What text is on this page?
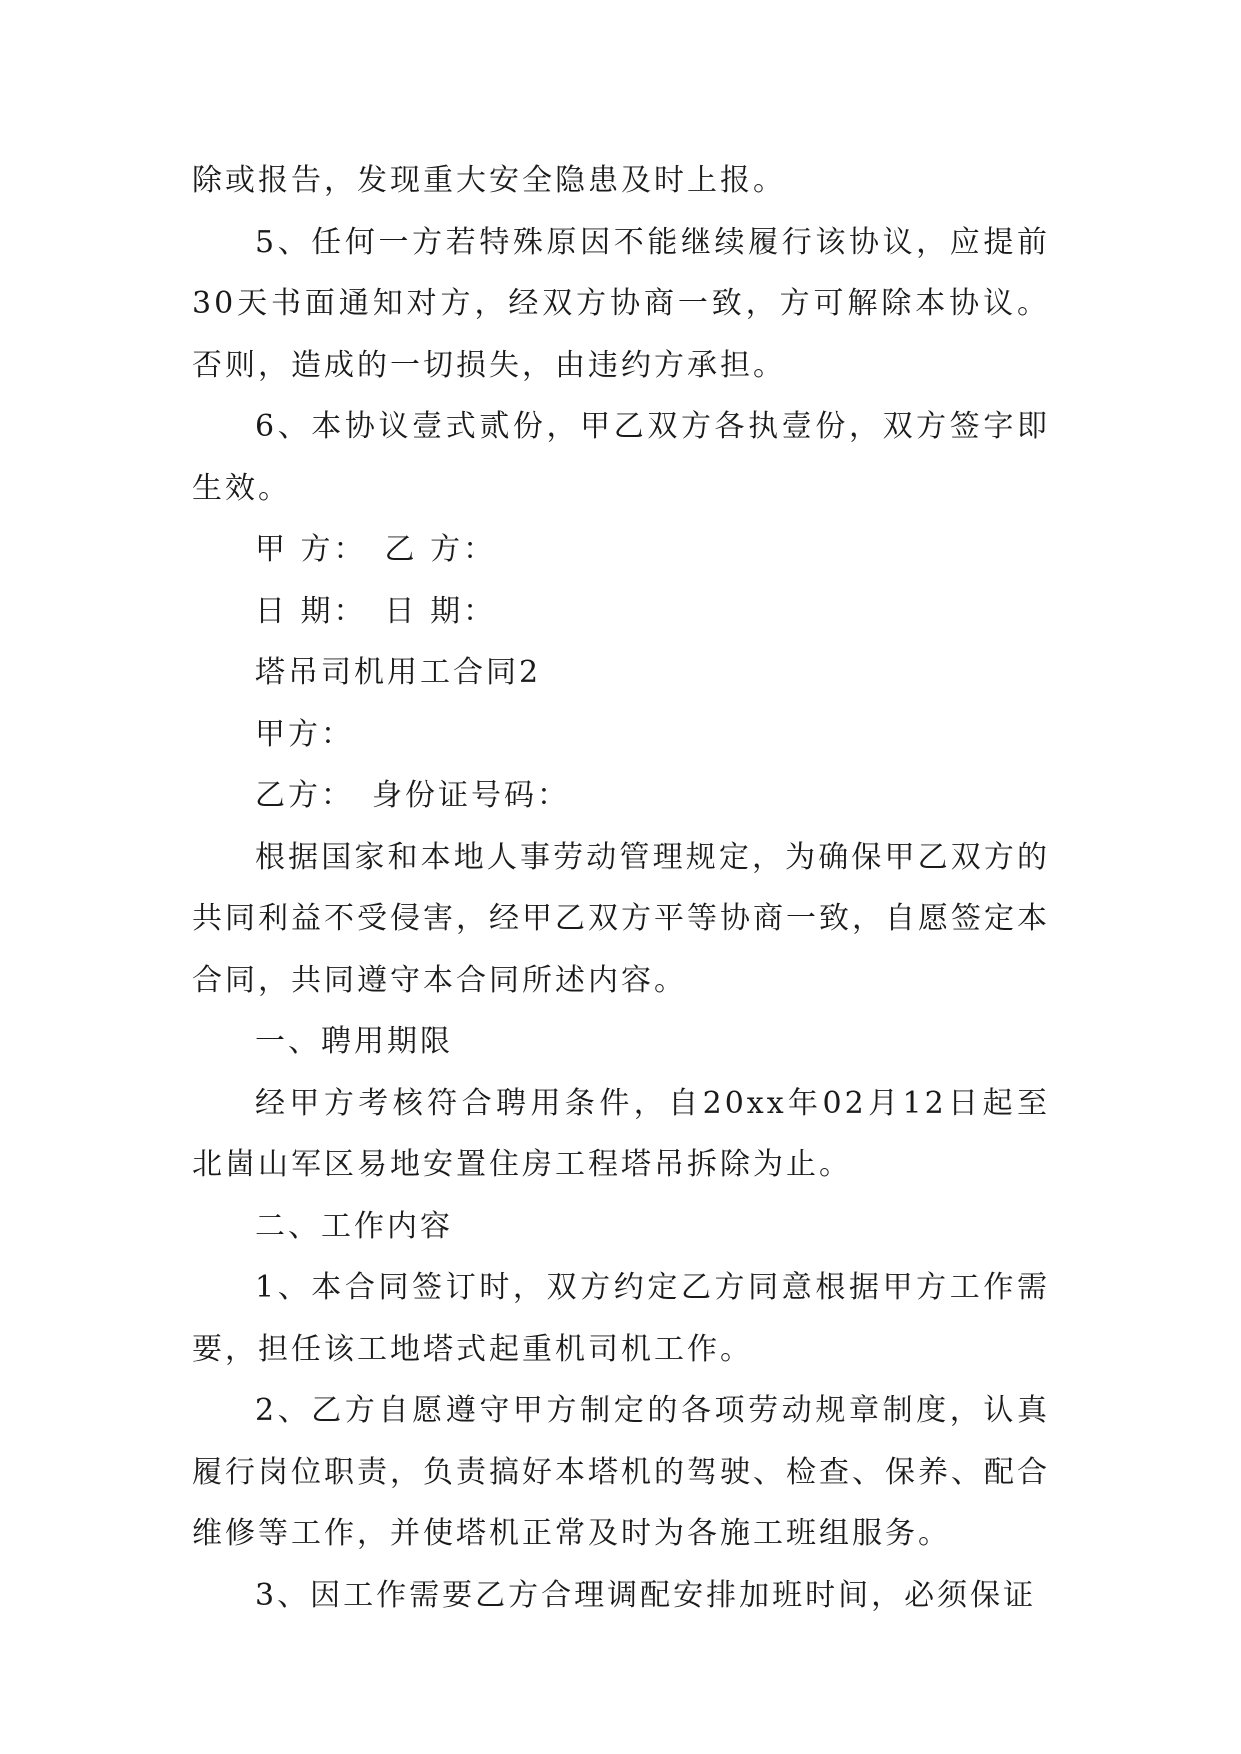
除或报告，发现重大安全隐患及时上报。

5、任何一方若特殊原因不能继续履行该协议，应提前30天书面通知对方，经双方协商一致，方可解除本协议。否则，造成的一切损失，由违约方承担。

6、本协议壹式贰份，甲乙双方各执壹份，双方签字即生效。

甲 方：　乙 方：

日 期：　日 期：

塔吊司机用工合同2

甲方：

乙方：　身份证号码：

根据国家和本地人事劳动管理规定，为确保甲乙双方的共同利益不受侵害，经甲乙双方平等协商一致，自愿签定本合同，共同遵守本合同所述内容。

一、聘用期限

经甲方考核符合聘用条件，自20xx年02月12日起至北崮山军区易地安置住房工程塔吊拆除为止。

二、工作内容

1、本合同签订时，双方约定乙方同意根据甲方工作需要，担任该工地塔式起重机司机工作。

2、乙方自愿遵守甲方制定的各项劳动规章制度，认真履行岗位职责，负责搞好本塔机的驾驶、检查、保养、配合维修等工作，并使塔机正常及时为各施工班组服务。

3、因工作需要乙方合理调配安排加班时间，必须保证
